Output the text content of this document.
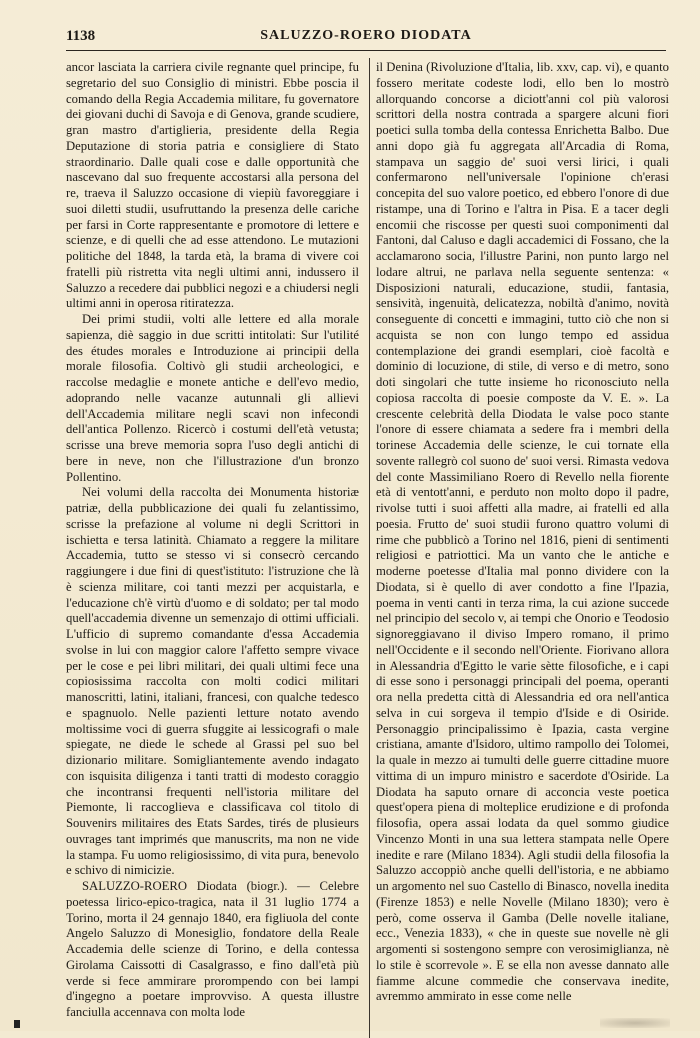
1138	SALUZZO-ROERO DIODATA

ancor lasciata la carriera civile regnante quel principe, fu segretario del suo Consiglio di ministri. Ebbe poscia il comando della Regia Accademia militare, fu governatore dei giovani duchi di Savoja e di Genova, grande scudiere, gran mastro d'artiglieria, presidente della Regia Deputazione di storia patria e consigliere di Stato straordinario. Dalle quali cose e dalle opportunità che nascevano dal suo frequente accostarsi alla persona del re, traeva il Saluzzo occasione di viepiù favoreggiare i suoi diletti studii, usufruttando la presenza delle cariche per farsi in Corte rappresentante e promotore di lettere e scienze, e di quelli che ad esse attendono. Le mutazioni politiche del 1848, la tarda età, la brama di vivere coi fratelli più ristretta vita negli ultimi anni, indussero il Saluzzo a recedere dai pubblici negozi e a chiudersi negli ultimi anni in operosa ritiratezza.

Dei primi studii, volti alle lettere ed alla morale sapienza, diè saggio in due scritti intitolati: Sur l'utilité des études morales e Introduzione ai principii della morale filosofia. Coltivò gli studii archeologici, e raccolse medaglie e monete antiche e dell'evo medio, adoprando nelle vacanze autunnali gli allievi dell'Accademia militare negli scavi non infecondi dell'antica Pollenzo. Ricercò i costumi dell'età vetusta; scrisse una breve memoria sopra l'uso degli antichi di bere in neve, non che l'illustrazione d'un bronzo Pollentino.

Nei volumi della raccolta dei Monumenta historiæ patriæ, della pubblicazione dei quali fu zelantissimo, scrisse la prefazione al volume ni degli Scrittori in ischietta e tersa latinità. Chiamato a reggere la militare Accademia, tutto se stesso vi si consecrò cercando raggiungere i due fini di quest'istituto: l'istruzione che là è scienza militare, coi tanti mezzi per acquistarla, e l'educazione ch'è virtù d'uomo e di soldato; per tal modo quell'accademia divenne un semenzajo di ottimi ufficiali. L'ufficio di supremo comandante d'essa Accademia svolse in lui con maggior calore l'affetto sempre vivace per le cose e pei libri militari, dei quali ultimi fece una copiosissima raccolta con molti codici militari manoscritti, latini, italiani, francesi, con qualche tedesco e spagnuolo. Nelle pazienti letture notato avendo moltissime voci di guerra sfuggite ai lessicografi o male spiegate, ne diede le schede al Grassi pel suo bel dizionario militare. Somigliantemente avendo indagato con isquisita diligenza i tanti tratti di modesto coraggio che incontransi frequenti nell'istoria militare del Piemonte, li raccoglieva e classificava col titolo di Souvenirs militaires des Etats Sardes, tirés de plusieurs ouvrages tant imprimés que manuscrits, ma non ne vide la stampa. Fu uomo religiosissimo, di vita pura, benevolo e schivo di nimicizie.

SALUZZO-ROERO Diodata (biogr.). — Celebre poetessa lirico-epico-tragica, nata il 31 luglio 1774 a Torino, morta il 24 gennajo 1840, era figliuola del conte Angelo Saluzzo di Monesiglio, fondatore della Reale Accademia delle scienze di Torino, e della contessa Girolama Caissotti di Casalgrasso, e fino dall'età più verde si fece ammirare prorompendo con bei lampi d'ingegno a poetare improvviso. A questa illustre fanciulla accennava con molta lode

il Denina (Rivoluzione d'Italia, lib. xxv, cap. vi), e quanto fossero meritate codeste lodi, ello ben lo mostrò allorquando concorse a diciott'anni col più valorosi scrittori della nostra contrada a spargere alcuni fiori poetici sulla tomba della contessa Enrichetta Balbo. Due anni dopo già fu aggregata all'Arcadia di Roma, stampava un saggio de' suoi versi lirici, i quali confermarono nell'universale l'opinione ch'erasi concepita del suo valore poetico, ed ebbero l'onore di due ristampe, una di Torino e l'altra in Pisa. E a tacer degli encomii che riscosse per questi suoi componimenti dal Fantoni, dal Caluso e dagli accademici di Fossano, che la acclamarono socia, l'illustre Parini, non punto largo nel lodare altrui, ne parlava nella seguente sentenza: « Disposizioni naturali, educazione, studii, fantasia, sensività, ingenuità, delicatezza, nobiltà d'animo, novità conseguente di concetti e immagini, tutto ciò che non si acquista se non con lungo tempo ed assidua contemplazione dei grandi esemplari, cioè facoltà e dominio di locuzione, di stile, di verso e di metro, sono doti singolari che tutte insieme ho riconosciuto nella copiosa raccolta di poesie composte da V. E. ». La crescente celebrità della Diodata le valse poco stante l'onore di essere chiamata a sedere fra i membri della torinese Accademia delle scienze, le cui tornate ella sovente rallegrò col suono de' suoi versi. Rimasta vedova del conte Massimiliano Roero di Revello nella fiorente età di ventott'anni, e perduto non molto dopo il padre, rivolse tutti i suoi affetti alla madre, ai fratelli ed alla poesia. Frutto de' suoi studii furono quattro volumi di rime che pubblicò a Torino nel 1816, pieni di sentimenti religiosi e patriottici. Ma un vanto che le antiche e moderne poetesse d'Italia mal ponno dividere con la Diodata, si è quello di aver condotto a fine l'Ipazia, poema in venti canti in terza rima, la cui azione succede nel principio del secolo v, ai tempi che Onorio e Teodosio signoreggiavano il diviso Impero romano, il primo nell'Occidente e il secondo nell'Oriente. Fiorivano allora in Alessandria d'Egitto le varie sètte filosofiche, e i capi di esse sono i personaggi principali del poema, operanti ora nella predetta città di Alessandria ed ora nell'antica selva in cui sorgeva il tempio d'Iside e di Osiride. Personaggio principalissimo è Ipazia, casta vergine cristiana, amante d'Isidoro, ultimo rampollo dei Tolomei, la quale in mezzo ai tumulti delle guerre cittadine muore vittima di un impuro ministro e sacerdote d'Osiride. La Diodata ha saputo ornare di acconcia veste poetica quest'opera piena di molteplice erudizione e di profonda filosofia, opera assai lodata da quel sommo giudice Vincenzo Monti in una sua lettera stampata nelle Opere inedite e rare (Milano 1834). Agli studii della filosofia la Saluzzo accoppiò anche quelli dell'istoria, e ne abbiamo un argomento nel suo Castello di Binasco, novella inedita (Firenze 1853) e nelle Novelle (Milano 1830); vero è però, come osserva il Gamba (Delle novelle italiane, ecc., Venezia 1833), « che in queste sue novelle nè gli argomenti si sostengono sempre con verosimiglianza, nè lo stile è scorrevole ». E se ella non avesse dannato alle fiamme alcune commedie che conservava inedite, avremmo ammirato in esse come nelle
